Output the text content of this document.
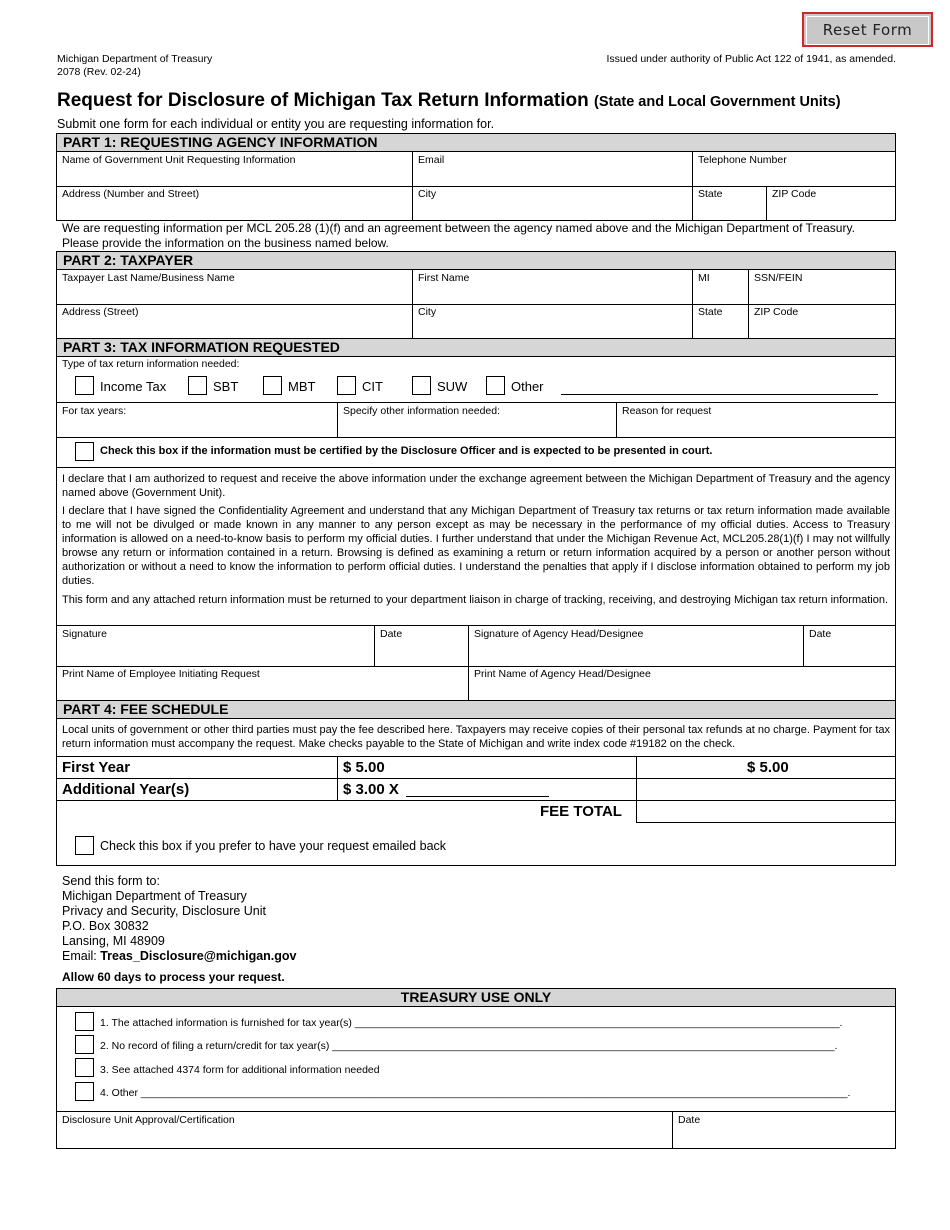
Reset Form
Michigan Department of Treasury
2078 (Rev. 02-24)
Issued under authority of Public Act 122 of 1941, as amended.
Request for Disclosure of Michigan Tax Return Information (State and Local Government Units)
Submit one form for each individual or entity you are requesting information for.
PART 1: REQUESTING AGENCY INFORMATION
Name of Government Unit Requesting Information	Email	Telephone Number
Address (Number and Street)	City	State	ZIP Code
We are requesting information per MCL 205.28 (1)(f) and an agreement between the agency named above and the Michigan Department of Treasury.
Please provide the information on the business named below.
PART 2: TAXPAYER
Taxpayer Last Name/Business Name	First Name	MI	SSN/FEIN
Address (Street)	City	State	ZIP Code
PART 3: TAX INFORMATION REQUESTED
Type of tax return information needed:
Income Tax	SBT	MBT	CIT	SUW	Other
For tax years:	Specify other information needed:	Reason for request
Check this box if the information must be certified by the Disclosure Officer and is expected to be presented in court.
I declare that I am authorized to request and receive the above information under the exchange agreement between the Michigan Department of Treasury and the agency named above (Government Unit).
I declare that I have signed the Confidentiality Agreement and understand that any Michigan Department of Treasury tax returns or tax return information made available to me will not be divulged or made known in any manner to any person except as may be necessary in the performance of my official duties. Access to Treasury information is allowed on a need-to-know basis to perform my official duties. I further understand that under the Michigan Revenue Act, MCL205.28(1)(f) I may not willfully browse any return or information contained in a return. Browsing is defined as examining a return or return information acquired by a person or another person without authorization or without a need to know the information to perform official duties. I understand the penalties that apply if I disclose information obtained to perform my job duties.
This form and any attached return information must be returned to your department liaison in charge of tracking, receiving, and destroying Michigan tax return information.
Signature	Date	Signature of Agency Head/Designee	Date
Print Name of Employee Initiating Request	Print Name of Agency Head/Designee
PART 4: FEE SCHEDULE
Local units of government or other third parties must pay the fee described here. Taxpayers may receive copies of their personal tax refunds at no charge. Payment for tax return information must accompany the request. Make checks payable to the State of Michigan and write index code #19182 on the check.
First Year	$ 5.00	$ 5.00
Additional Year(s)	$ 3.00 X
FEE TOTAL
Check this box if you prefer to have your request emailed back
Send this form to:
Michigan Department of Treasury
Privacy and Security, Disclosure Unit
P.O. Box 30832
Lansing, MI 48909
Email: Treas_Disclosure@michigan.gov
Allow 60 days to process your request.
TREASURY USE ONLY
1. The attached information is furnished for tax year(s) ___________________________________________________________________________________.
2. No record of filing a return/credit for tax year(s) ______________________________________________________________________________________.
3. See attached 4374 form for additional information needed
4. Other _________________________________________________________________________________________________________________________.
Disclosure Unit Approval/Certification	Date
